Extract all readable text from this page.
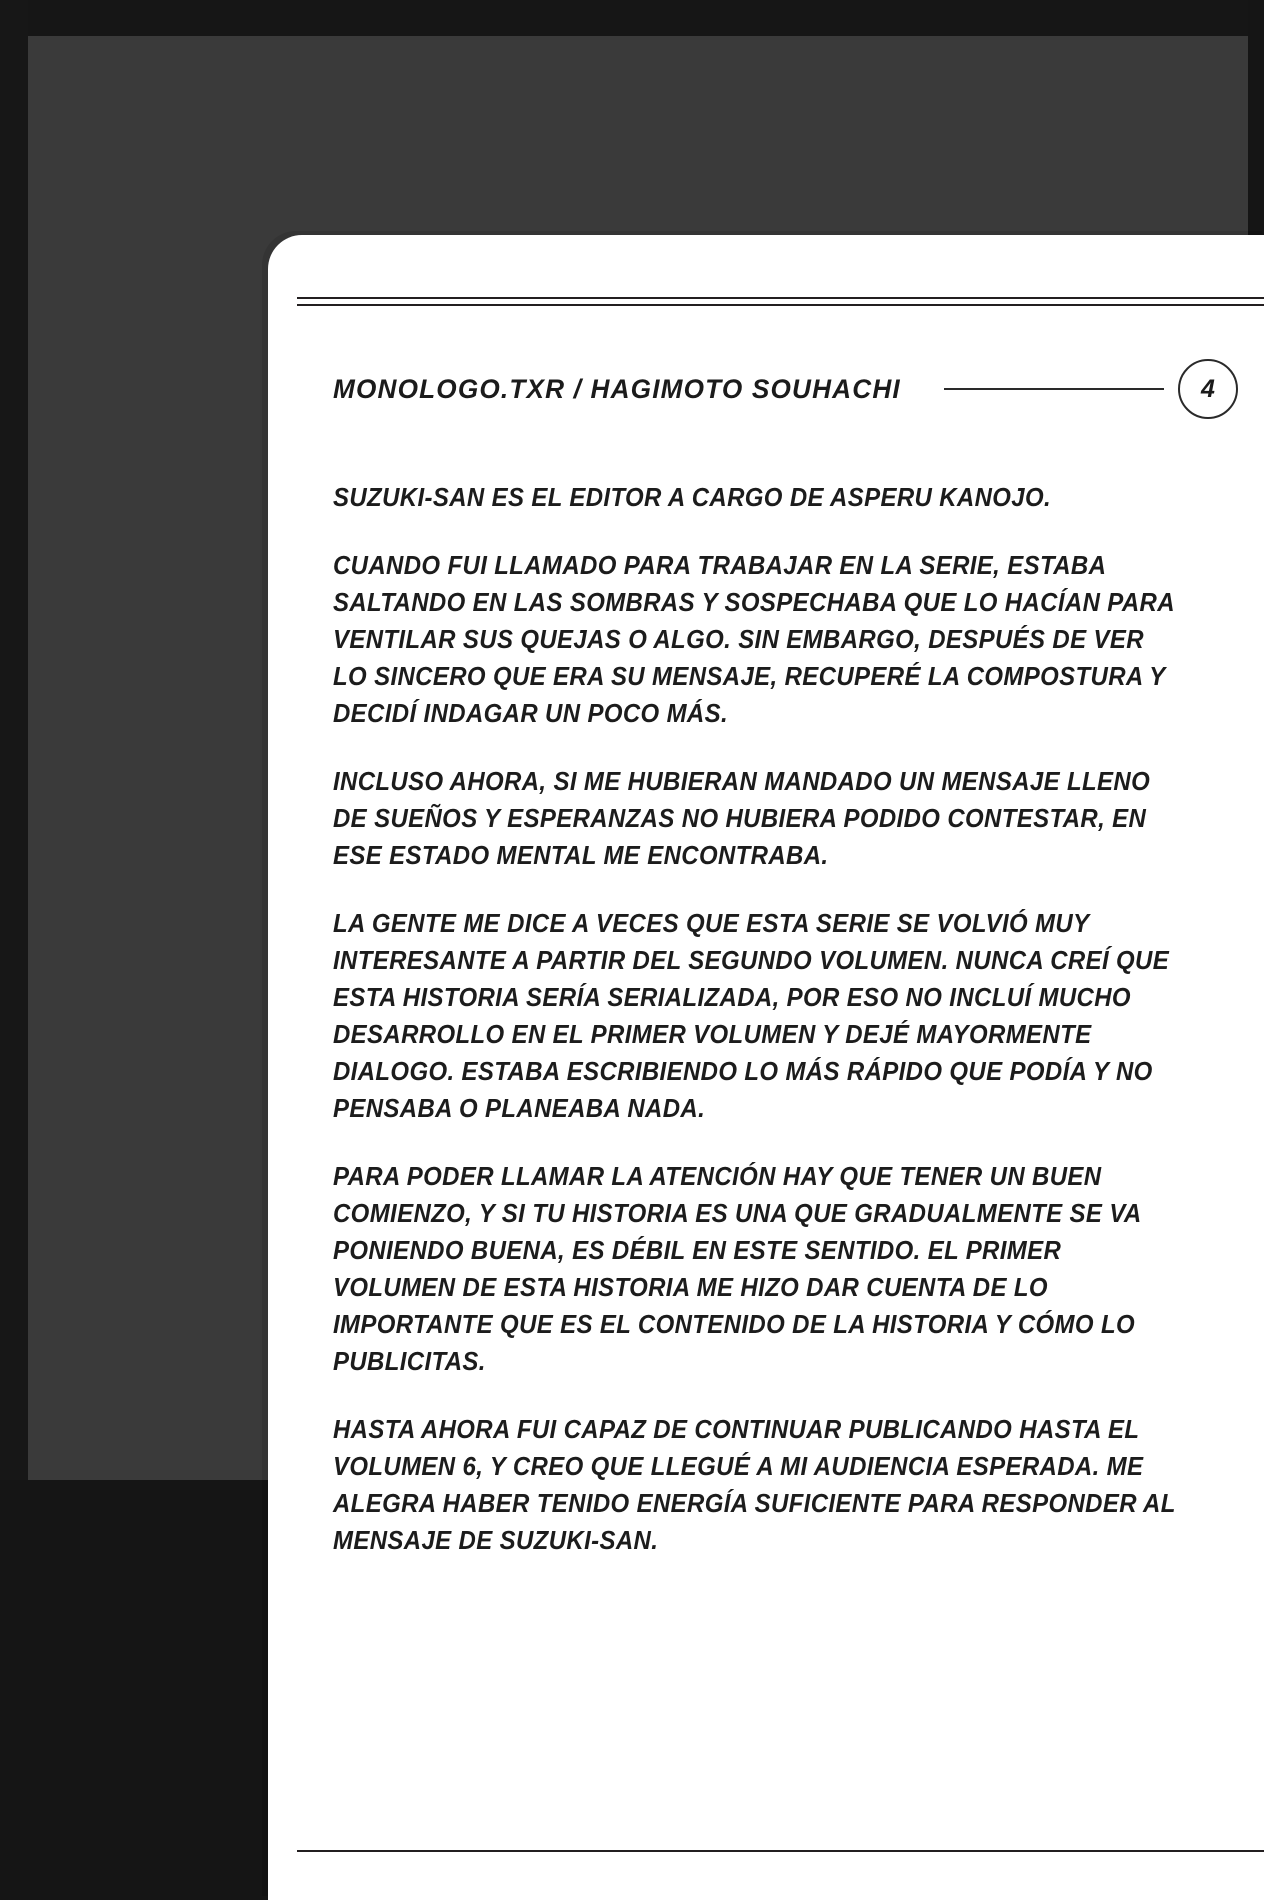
MONOLOGO.TXR / HAGIMOTO SOUHACHI	4

SUZUKI-SAN ES EL EDITOR A CARGO DE ASPERU KANOJO.

CUANDO FUI LLAMADO PARA TRABAJAR EN LA SERIE, ESTABA SALTANDO EN LAS SOMBRAS Y SOSPECHABA QUE LO HACÍAN PARA VENTILAR SUS QUEJAS O ALGO. SIN EMBARGO, DESPUÉS DE VER LO SINCERO QUE ERA SU MENSAJE, RECUPERÉ LA COMPOSTURA Y DECIDÍ INDAGAR UN POCO MÁS.

INCLUSO AHORA, SI ME HUBIERAN MANDADO UN MENSAJE LLENO DE SUEÑOS Y ESPERANZAS NO HUBIERA PODIDO CONTESTAR, EN ESE ESTADO MENTAL ME ENCONTRABA.

LA GENTE ME DICE A VECES QUE ESTA SERIE SE VOLVIÓ MUY INTERESANTE A PARTIR DEL SEGUNDO VOLUMEN. NUNCA CREÍ QUE ESTA HISTORIA SERÍA SERIALIZADA, POR ESO NO INCLUÍ MUCHO DESARROLLO EN EL PRIMER VOLUMEN Y DEJÉ MAYORMENTE DIALOGO. ESTABA ESCRIBIENDO LO MÁS RÁPIDO QUE PODÍA Y NO PENSABA O PLANEABA NADA.

PARA PODER LLAMAR LA ATENCIÓN HAY QUE TENER UN BUEN COMIENZO, Y SI TU HISTORIA ES UNA QUE GRADUALMENTE SE VA PONIENDO BUENA, ES DÉBIL EN ESTE SENTIDO. EL PRIMER VOLUMEN DE ESTA HISTORIA ME HIZO DAR CUENTA DE LO IMPORTANTE QUE ES EL CONTENIDO DE LA HISTORIA Y CÓMO LO PUBLICITAS.

HASTA AHORA FUI CAPAZ DE CONTINUAR PUBLICANDO HASTA EL VOLUMEN 6, Y CREO QUE LLEGUÉ A MI AUDIENCIA ESPERADA. ME ALEGRA HABER TENIDO ENERGÍA SUFICIENTE PARA RESPONDER AL MENSAJE DE SUZUKI-SAN.
